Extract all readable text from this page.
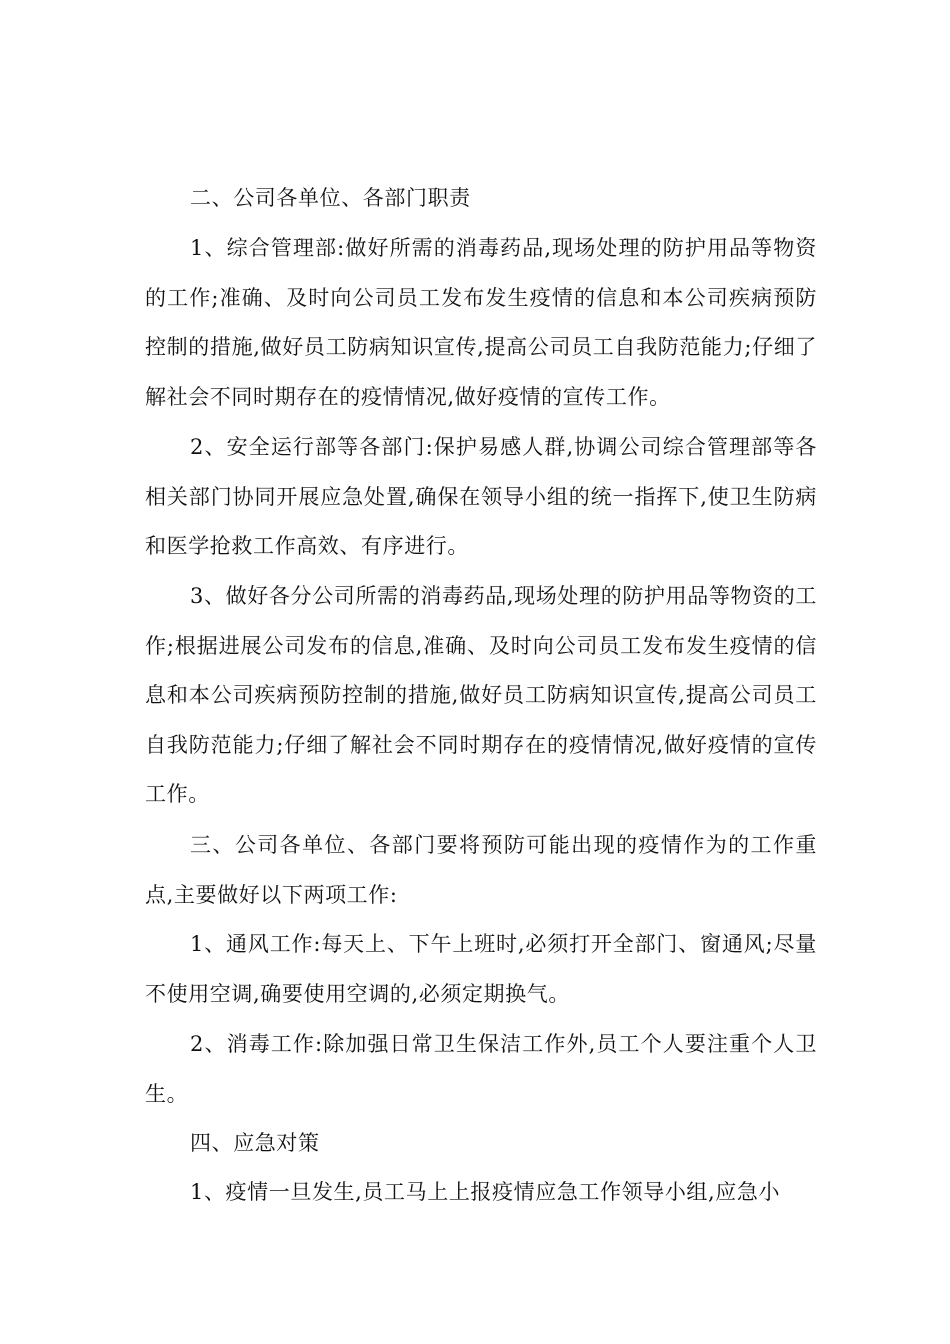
二、公司各单位、各部门职责

1、综合管理部:做好所需的消毒药品,现场处理的防护用品等物资的工作;准确、及时向公司员工发布发生疫情的信息和本公司疾病预防控制的措施,做好员工防病知识宣传,提高公司员工自我防范能力;仔细了解社会不同时期存在的疫情情况,做好疫情的宣传工作。

2、安全运行部等各部门:保护易感人群,协调公司综合管理部等各相关部门协同开展应急处置,确保在领导小组的统一指挥下,使卫生防病和医学抢救工作高效、有序进行。

3、做好各分公司所需的消毒药品,现场处理的防护用品等物资的工作;根据进展公司发布的信息,准确、及时向公司员工发布发生疫情的信息和本公司疾病预防控制的措施,做好员工防病知识宣传,提高公司员工自我防范能力;仔细了解社会不同时期存在的疫情情况,做好疫情的宣传工作。

三、公司各单位、各部门要将预防可能出现的疫情作为的工作重点,主要做好以下两项工作:

1、通风工作:每天上、下午上班时,必须打开全部门、窗通风;尽量不使用空调,确要使用空调的,必须定期换气。

2、消毒工作:除加强日常卫生保洁工作外,员工个人要注重个人卫生。

四、应急对策

1、疫情一旦发生,员工马上上报疫情应急工作领导小组,应急小
